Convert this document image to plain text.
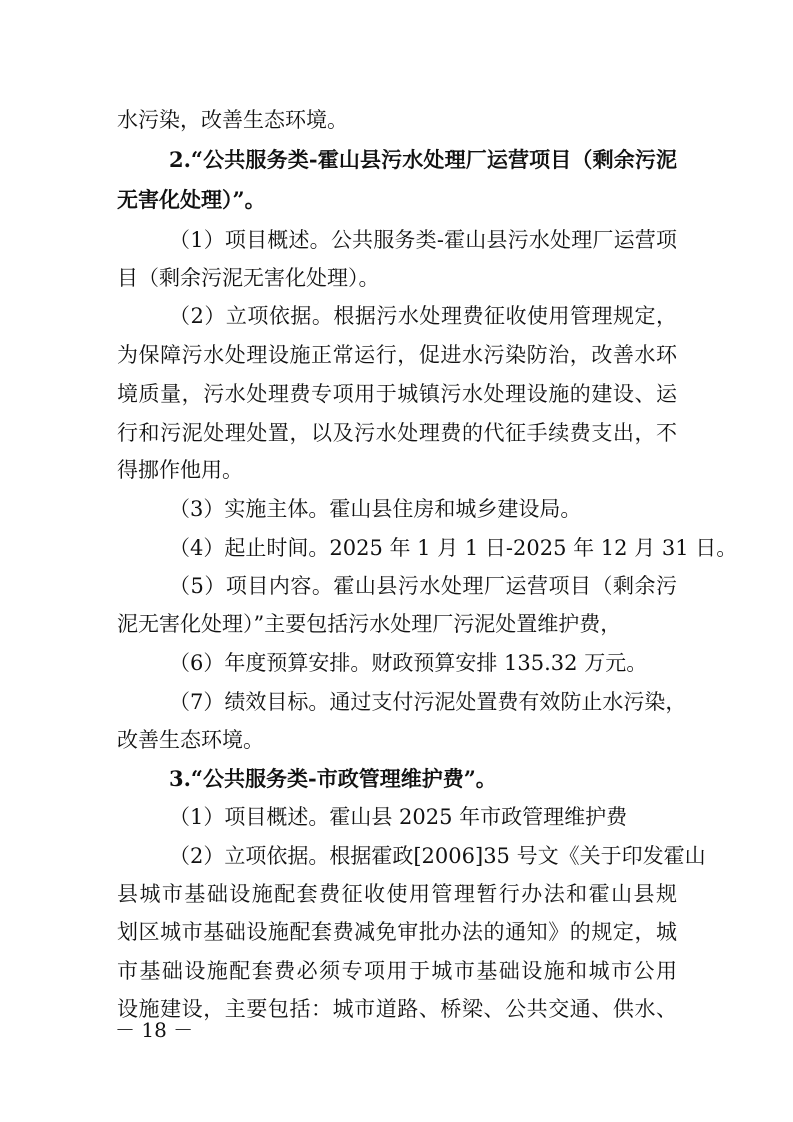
水污染，改善生态环境。
2.“公共服务类-霍山县污水处理厂运营项目（剩余污泥
无害化处理）”。
（1）项目概述。公共服务类-霍山县污水处理厂运营项
目（剩余污泥无害化处理）。
（2）立项依据。根据污水处理费征收使用管理规定，
为保障污水处理设施正常运行，促进水污染防治，改善水环
境质量，污水处理费专项用于城镇污水处理设施的建设、运
行和污泥处理处置，以及污水处理费的代征手续费支出，不
得挪作他用。
（3）实施主体。霍山县住房和城乡建设局。
（4）起止时间。2025 年 1 月 1 日-2025 年 12 月 31 日。
（5）项目内容。霍山县污水处理厂运营项目（剩余污
泥无害化处理）”主要包括污水处理厂污泥处置维护费，
（6）年度预算安排。财政预算安排 135.32 万元。
（7）绩效目标。通过支付污泥处置费有效防止水污染，
改善生态环境。
3.“公共服务类-市政管理维护费”。
（1）项目概述。霍山县 2025 年市政管理维护费
（2）立项依据。根据霍政[2006]35 号文《关于印发霍山
县城市基础设施配套费征收使用管理暂行办法和霍山县规
划区城市基础设施配套费减免审批办法的通知》的规定，城
市基础设施配套费必须专项用于城市基础设施和城市公用
设施建设，主要包括：城市道路、桥梁、公共交通、供水、
－ 18 －
